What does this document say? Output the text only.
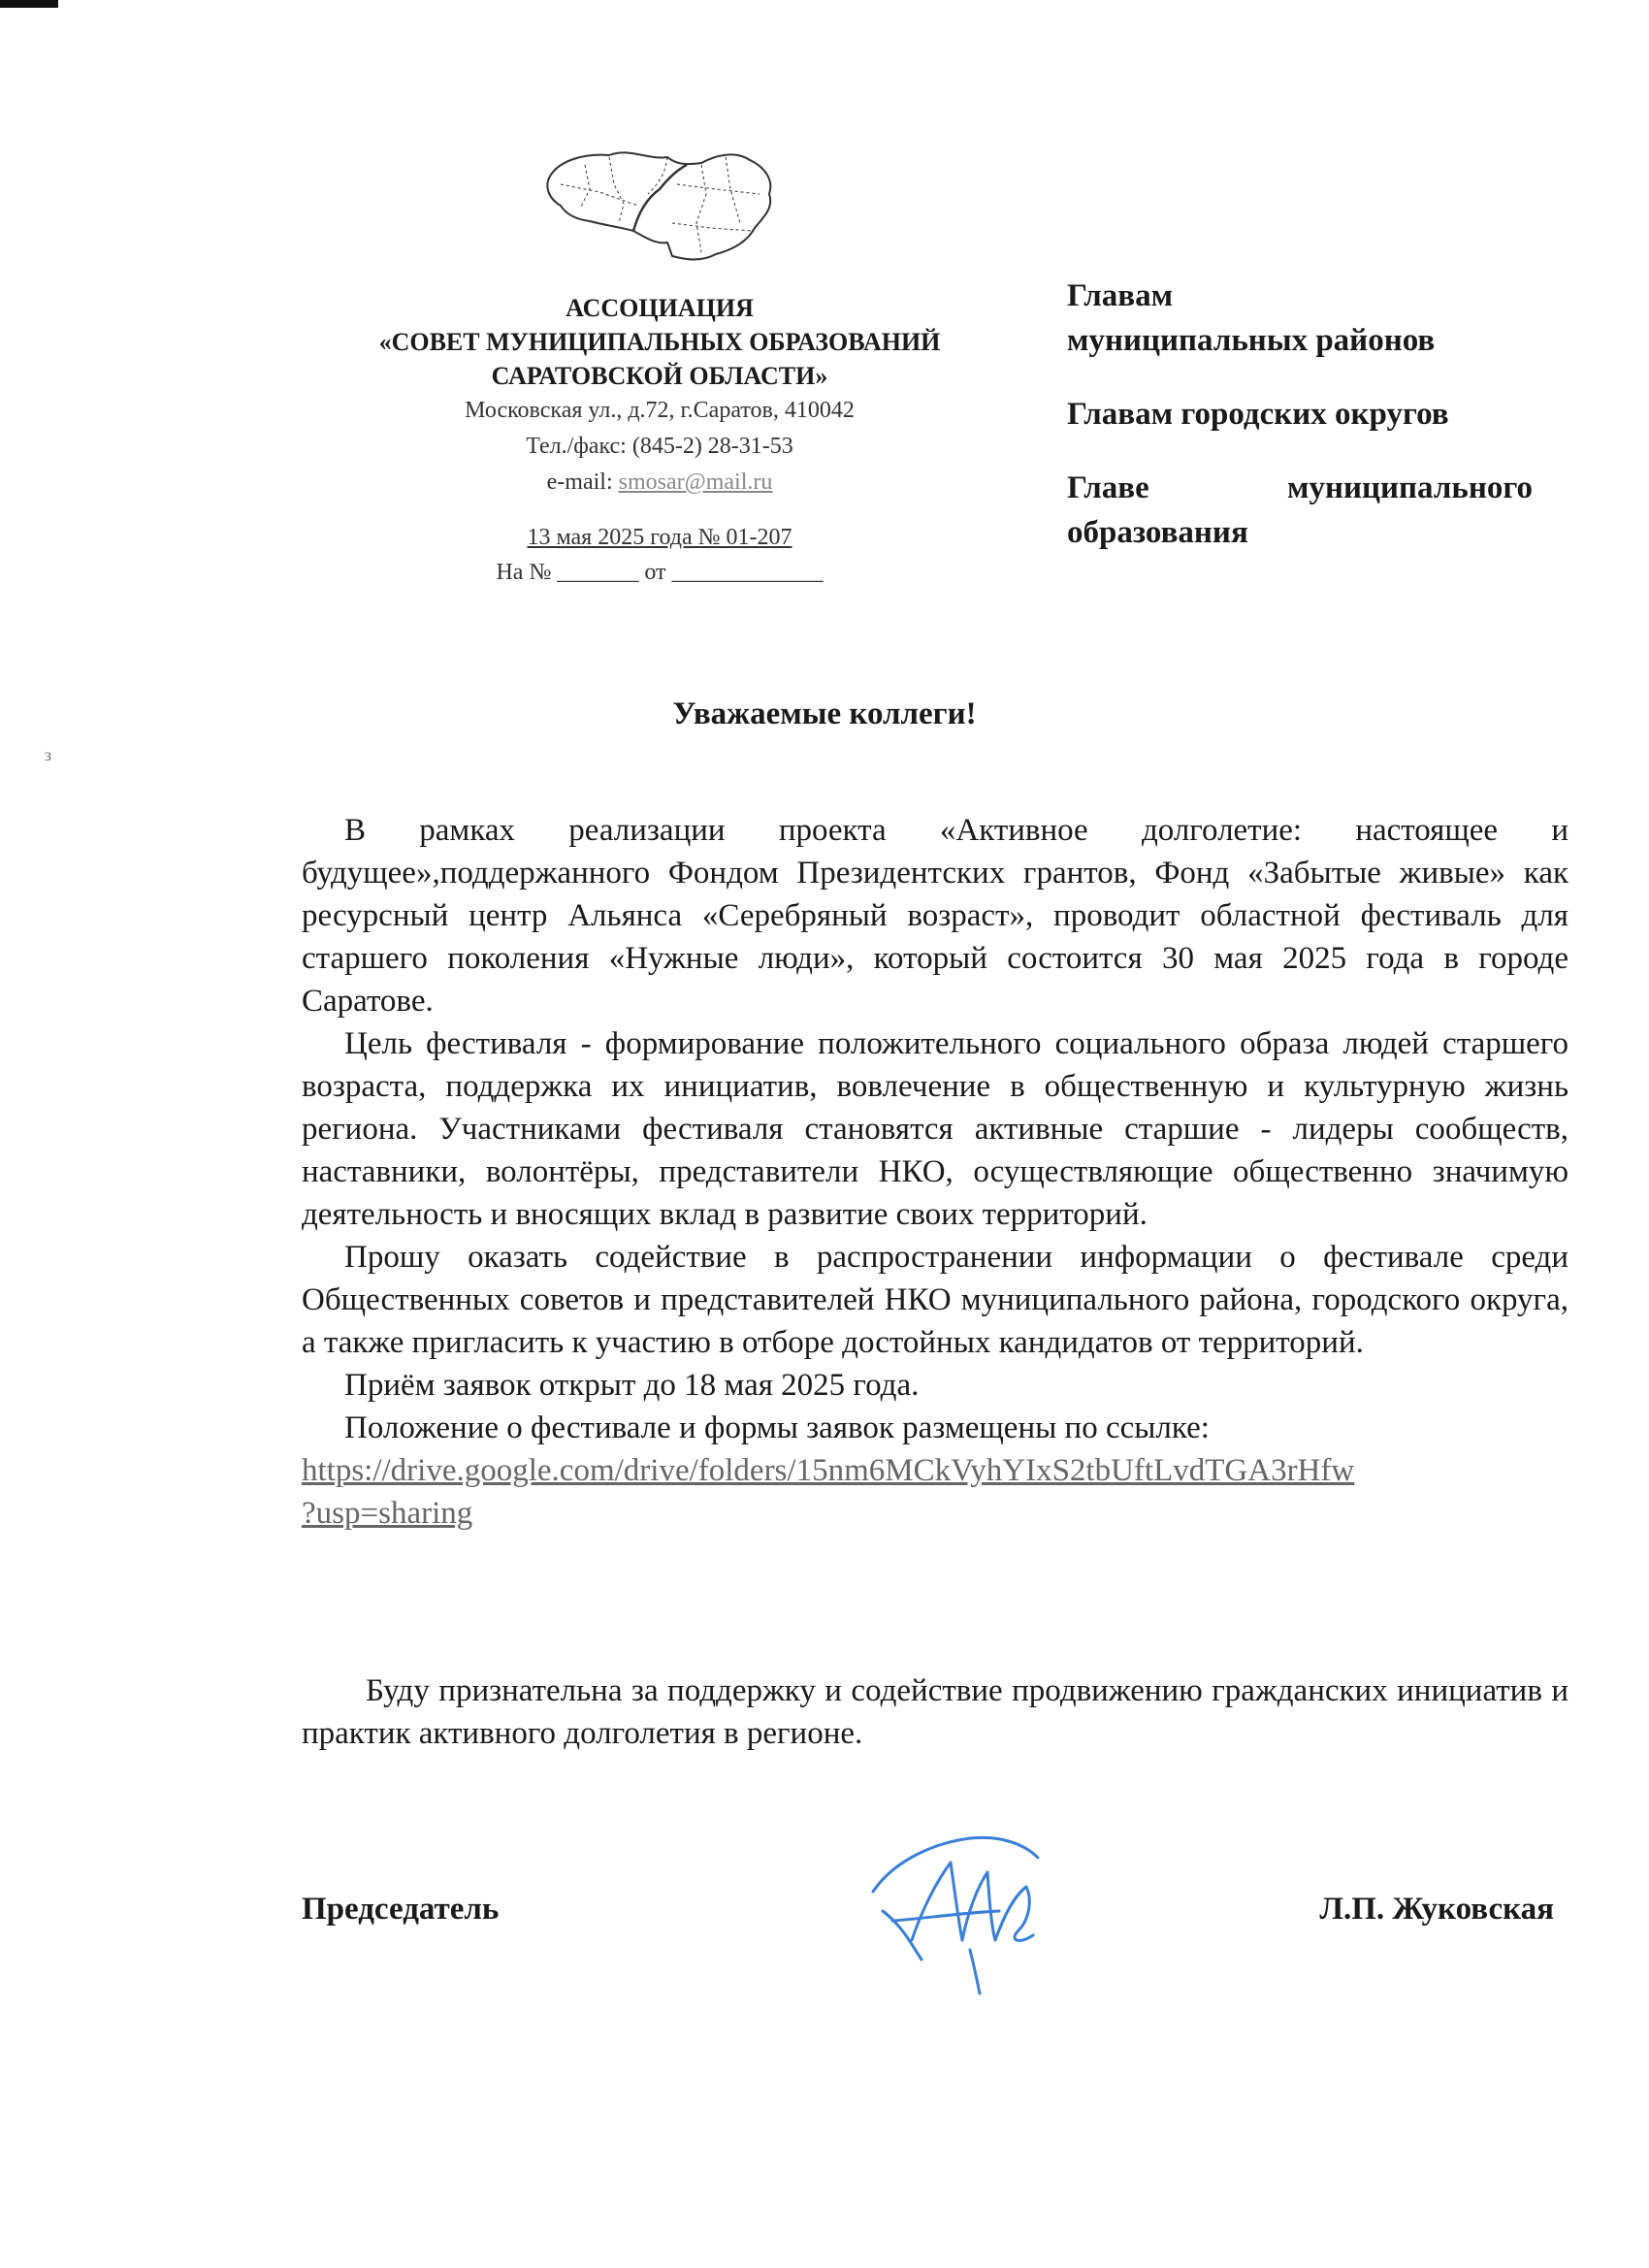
з
АССОЦИАЦИЯ
«СОВЕТ МУНИЦИПАЛЬНЫХ ОБРАЗОВАНИЙ
САРАТОВСКОЙ ОБЛАСТИ»
Московская ул., д.72, г.Саратов, 410042
Тел./факс: (845-2) 28-31-53
e-mail: smosar@mail.ru
13 мая 2025 года № 01-207
На № _______ от _____________
Главам
муниципальных районов
Главам городских округов
Главе	муниципального
образования
Уважаемые коллеги!

В рамках реализации проекта «Активное долголетие: настоящее и будущее»,поддержанного Фондом Президентских грантов, Фонд «Забытые живые» как ресурсный центр Альянса «Серебряный возраст», проводит областной фестиваль для старшего поколения «Нужные люди», который состоится 30 мая 2025 года в городе Саратове.

Цель фестиваля - формирование положительного социального образа людей старшего возраста, поддержка их инициатив, вовлечение в общественную и культурную жизнь региона. Участниками фестиваля становятся активные старшие - лидеры сообществ, наставники, волонтёры, представители НКО, осуществляющие общественно значимую деятельность и вносящих вклад в развитие своих территорий.

Прошу оказать содействие в распространении информации о фестивале среди Общественных советов и представителей НКО муниципального района, городского округа, а также пригласить к участию в отборе достойных кандидатов от территорий.

Приём заявок открыт до 18 мая 2025 года.

Положение о фестивале и формы заявок размещены по ссылке:

https://drive.google.com/drive/folders/15nm6MCkVyhYIxS2tbUftLvdTGA3rHfw
?usp=sharing

Буду признательна за поддержку и содействие продвижению гражданских инициатив и практик активного долголетия в регионе.
Председатель	Л.П. Жуковская
